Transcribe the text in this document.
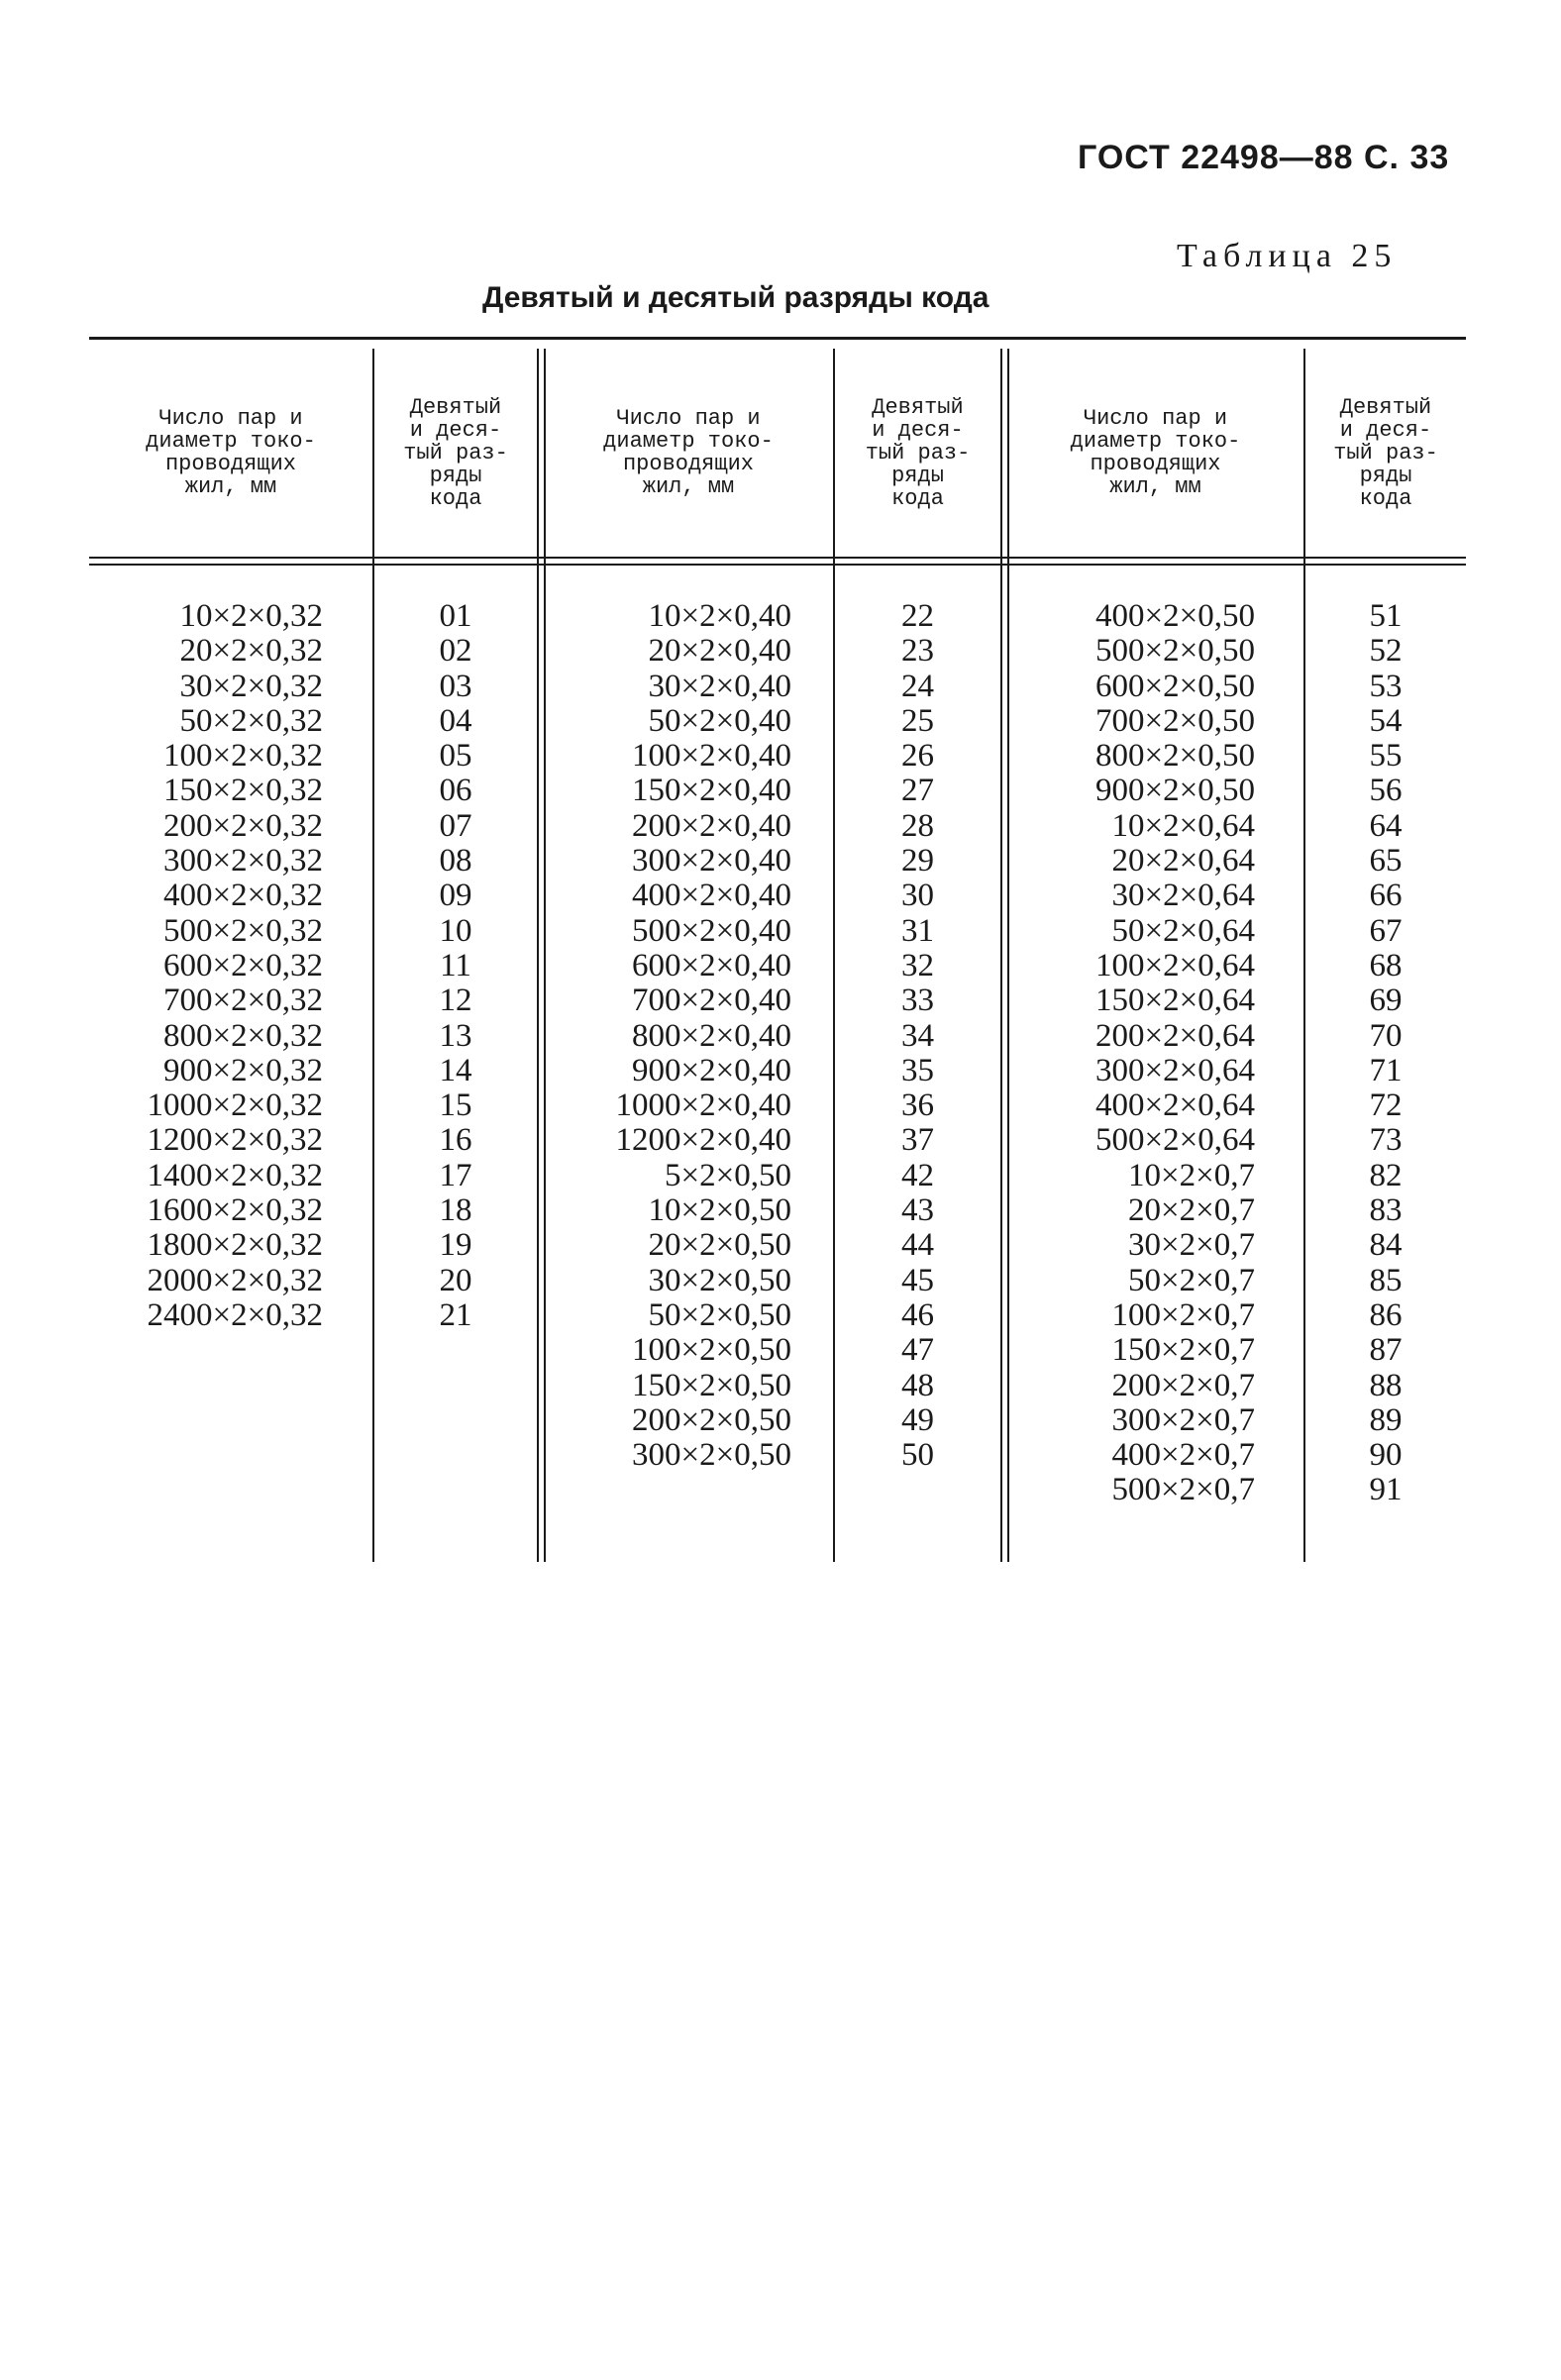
ГОСТ 22498—88 С. 33
Таблица 25
Девятый и десятый разряды кода
Число пар и
диаметр токо-
проводящих
жил, мм
Девятый
и деся-
тый раз-
ряды
кода
Число пар и
диаметр токо-
проводящих
жил, мм
Девятый
и деся-
тый раз-
ряды
кода
Число пар и
диаметр токо-
проводящих
жил, мм
Девятый
и деся-
тый раз-
ряды
кода
10×2×0,32
20×2×0,32
30×2×0,32
50×2×0,32
100×2×0,32
150×2×0,32
200×2×0,32
300×2×0,32
400×2×0,32
500×2×0,32
600×2×0,32
700×2×0,32
800×2×0,32
900×2×0,32
1000×2×0,32
1200×2×0,32
1400×2×0,32
1600×2×0,32
1800×2×0,32
2000×2×0,32
2400×2×0,32
01
02
03
04
05
06
07
08
09
10
11
12
13
14
15
16
17
18
19
20
21
10×2×0,40
20×2×0,40
30×2×0,40
50×2×0,40
100×2×0,40
150×2×0,40
200×2×0,40
300×2×0,40
400×2×0,40
500×2×0,40
600×2×0,40
700×2×0,40
800×2×0,40
900×2×0,40
1000×2×0,40
1200×2×0,40
5×2×0,50
10×2×0,50
20×2×0,50
30×2×0,50
50×2×0,50
100×2×0,50
150×2×0,50
200×2×0,50
300×2×0,50
22
23
24
25
26
27
28
29
30
31
32
33
34
35
36
37
42
43
44
45
46
47
48
49
50
400×2×0,50
500×2×0,50
600×2×0,50
700×2×0,50
800×2×0,50
900×2×0,50
10×2×0,64
20×2×0,64
30×2×0,64
50×2×0,64
100×2×0,64
150×2×0,64
200×2×0,64
300×2×0,64
400×2×0,64
500×2×0,64
10×2×0,7
20×2×0,7
30×2×0,7
50×2×0,7
100×2×0,7
150×2×0,7
200×2×0,7
300×2×0,7
400×2×0,7
500×2×0,7
51
52
53
54
55
56
64
65
66
67
68
69
70
71
72
73
82
83
84
85
86
87
88
89
90
91
